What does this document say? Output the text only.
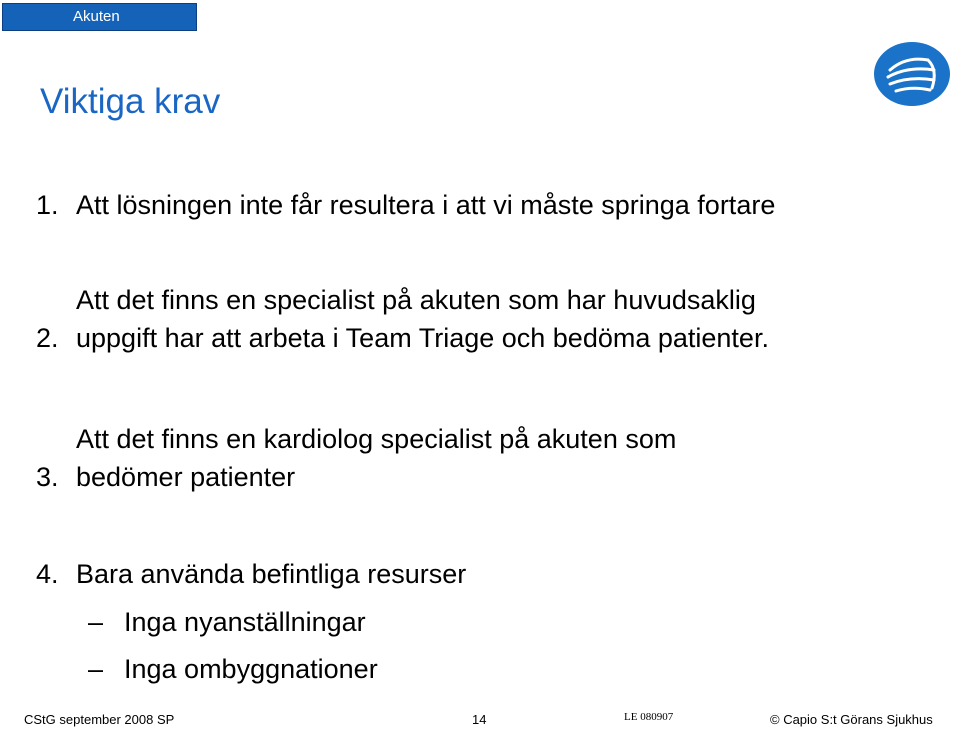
Akuten
Viktiga krav
1. Att lösningen inte får resultera i att vi måste springa fortare
2.Att det finns en specialist på akuten som har huvudsaklig
uppgift har att arbeta i Team Triage och bedöma patienter.
3.Att det finns en kardiolog specialist på akuten som
bedömer patienter
4. Bara använda befintliga resurser
– Inga nyanställningar
– Inga ombyggnationer
CStG september 2008 SP	14	LE 080907	© Capio S:t Görans Sjukhus
